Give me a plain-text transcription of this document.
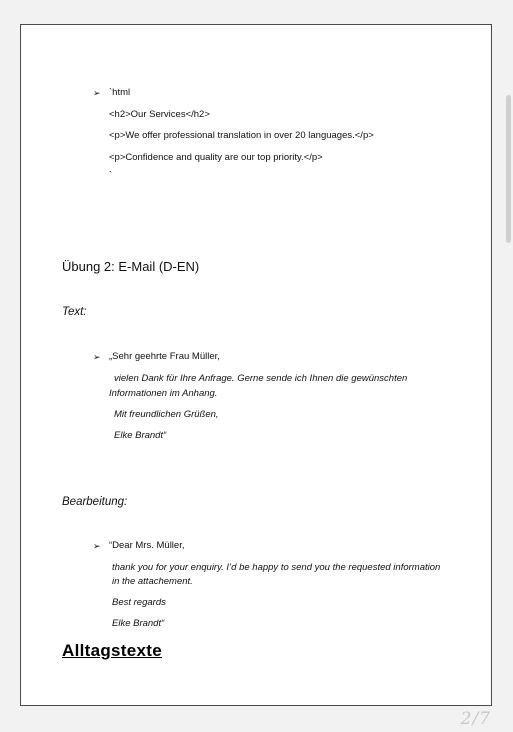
➢ `html
<h2>Our Services</h2>
<p>We offer professional translation in over 20 languages.</p>
<p>Confidence and quality are our top priority.</p>
`
Übung 2: E-Mail (D-EN)
Text:
➢ „Sehr geehrte Frau Müller,
vielen Dank für Ihre Anfrage. Gerne sende ich Ihnen die gewünschten
Informationen im Anhang.
Mit freundlichen Grüßen,
Elke Brandt“
Bearbeitung:
➢ “Dear Mrs. Müller,
thank you for your enquiry. I’d be happy to send you the requested information
in the attachement.
Best regards
Elke Brandt“
Alltagstexte
2/7
